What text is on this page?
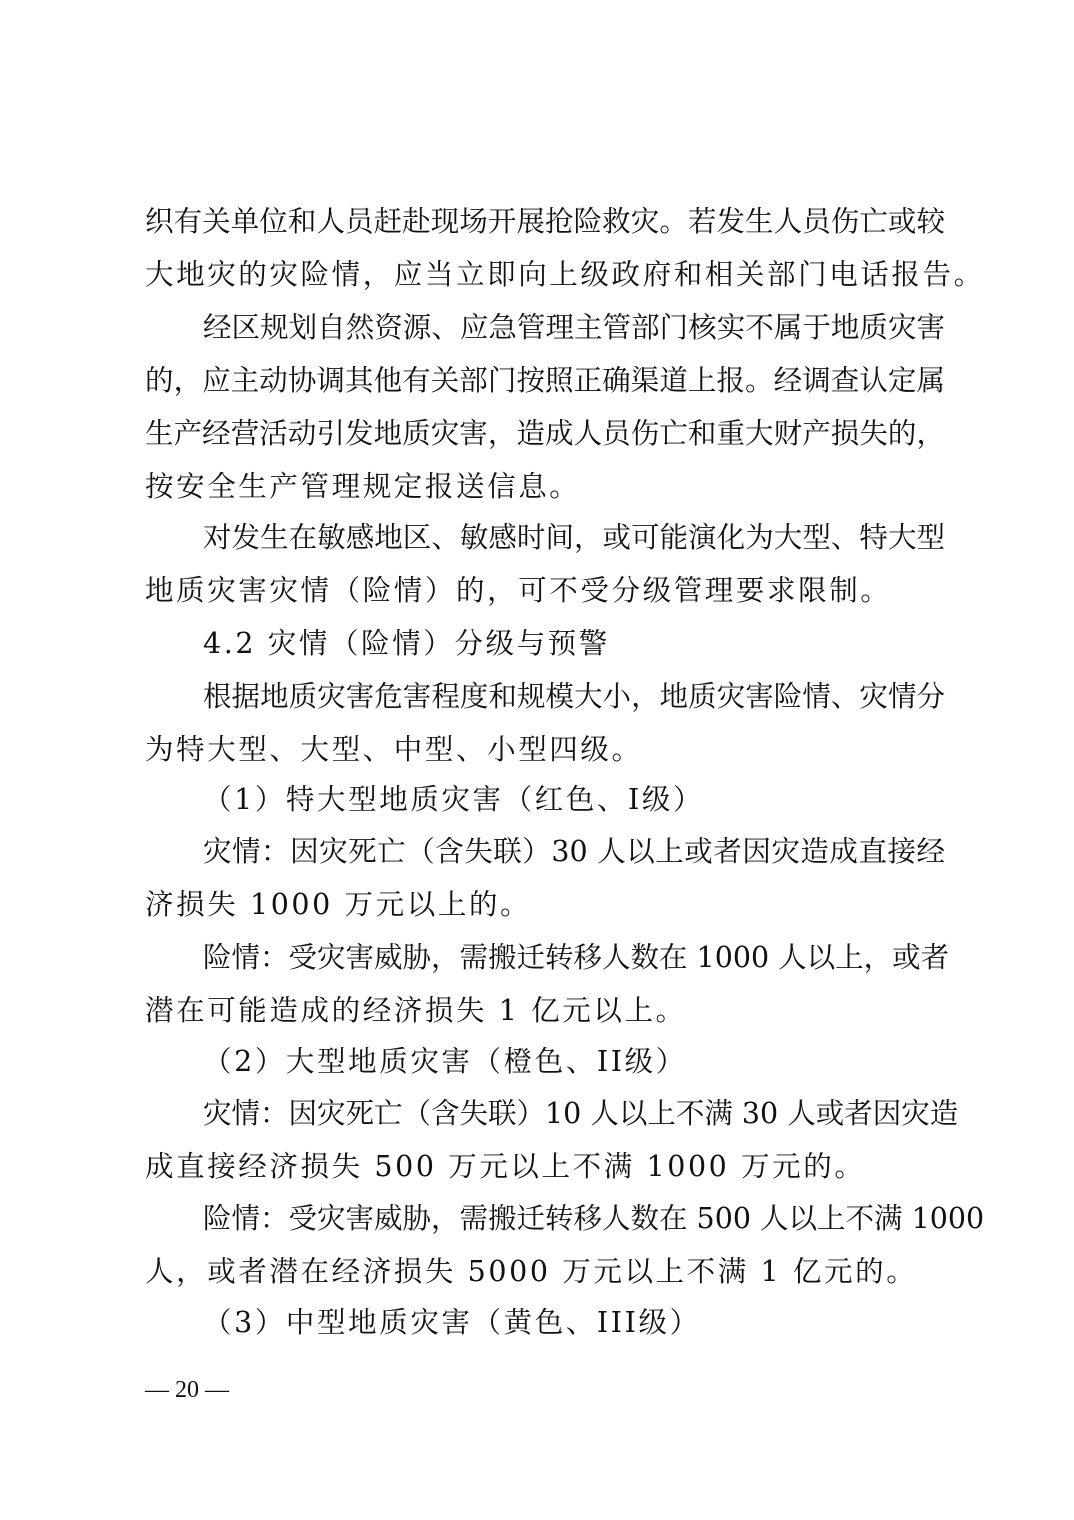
织有关单位和人员赶赴现场开展抢险救灾。若发生人员伤亡或较
大地灾的灾险情，应当立即向上级政府和相关部门电话报告。
经区规划自然资源、应急管理主管部门核实不属于地质灾害
的，应主动协调其他有关部门按照正确渠道上报。经调查认定属
生产经营活动引发地质灾害，造成人员伤亡和重大财产损失的，
按安全生产管理规定报送信息。
对发生在敏感地区、敏感时间，或可能演化为大型、特大型
地质灾害灾情（险情）的，可不受分级管理要求限制。
4.2 灾情（险情）分级与预警
根据地质灾害危害程度和规模大小，地质灾害险情、灾情分
为特大型、大型、中型、小型四级。
（1）特大型地质灾害（红色、I级）
灾情：因灾死亡（含失联）30 人以上或者因灾造成直接经
济损失 1000 万元以上的。
险情：受灾害威胁，需搬迁转移人数在 1000 人以上，或者
潜在可能造成的经济损失 1 亿元以上。
（2）大型地质灾害（橙色、II级）
灾情：因灾死亡（含失联）10 人以上不满 30 人或者因灾造
成直接经济损失 500 万元以上不满 1000 万元的。
险情：受灾害威胁，需搬迁转移人数在 500 人以上不满 1000
人，或者潜在经济损失 5000 万元以上不满 1 亿元的。
（3）中型地质灾害（黄色、III级）
— 20 —
